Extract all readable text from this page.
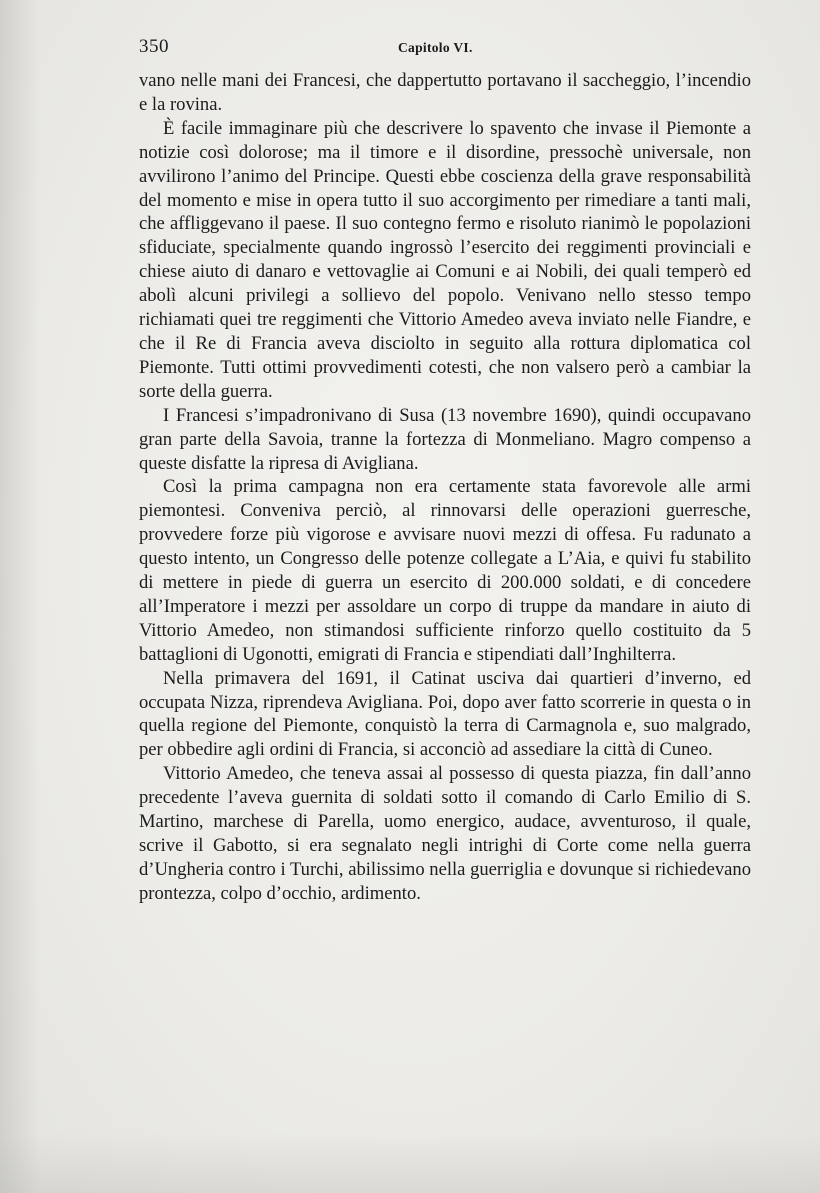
350	Capitolo VI.

vano nelle mani dei Francesi, che dappertutto portavano il saccheggio, l’incendio e la rovina.

È facile immaginare più che descrivere lo spavento che invase il Piemonte a notizie così dolorose; ma il timore e il disordine, pressochè universale, non avvilirono l’animo del Principe. Questi ebbe coscienza della grave responsabilità del momento e mise in opera tutto il suo accorgimento per rimediare a tanti mali, che affliggevano il paese. Il suo contegno fermo e risoluto rianimò le popolazioni sfiduciate, specialmente quando ingrossò l’esercito dei reggimenti provinciali e chiese aiuto di danaro e vettovaglie ai Comuni e ai Nobili, dei quali temperò ed abolì alcuni privilegi a sollievo del popolo. Venivano nello stesso tempo richiamati quei tre reggimenti che Vittorio Amedeo aveva inviato nelle Fiandre, e che il Re di Francia aveva disciolto in seguito alla rottura diplomatica col Piemonte. Tutti ottimi provvedimenti cotesti, che non valsero però a cambiar la sorte della guerra.

I Francesi s’impadronivano di Susa (13 novembre 1690), quindi occupavano gran parte della Savoia, tranne la fortezza di Monmeliano. Magro compenso a queste disfatte la ripresa di Avigliana.

Così la prima campagna non era certamente stata favorevole alle armi piemontesi. Conveniva perciò, al rinnovarsi delle operazioni guerresche, provvedere forze più vigorose e avvisare nuovi mezzi di offesa. Fu radunato a questo intento, un Congresso delle potenze collegate a L’Aia, e quivi fu stabilito di mettere in piede di guerra un esercito di 200.000 soldati, e di concedere all’Imperatore i mezzi per assoldare un corpo di truppe da mandare in aiuto di Vittorio Amedeo, non stimandosi sufficiente rinforzo quello costituito da 5 battaglioni di Ugonotti, emigrati di Francia e stipendiati dall’Inghilterra.

Nella primavera del 1691, il Catinat usciva dai quartieri d’inverno, ed occupata Nizza, riprendeva Avigliana. Poi, dopo aver fatto scorrerie in questa o in quella regione del Piemonte, conquistò la terra di Carmagnola e, suo malgrado, per obbedire agli ordini di Francia, si acconciò ad assediare la città di Cuneo.

Vittorio Amedeo, che teneva assai al possesso di questa piazza, fin dall’anno precedente l’aveva guernita di soldati sotto il comando di Carlo Emilio di S. Martino, marchese di Parella, uomo energico, audace, avventuroso, il quale, scrive il Gabotto, si era segnalato negli intrighi di Corte come nella guerra d’Ungheria contro i Turchi, abilissimo nella guerriglia e dovunque si richiedevano prontezza, colpo d’occhio, ardimento.
